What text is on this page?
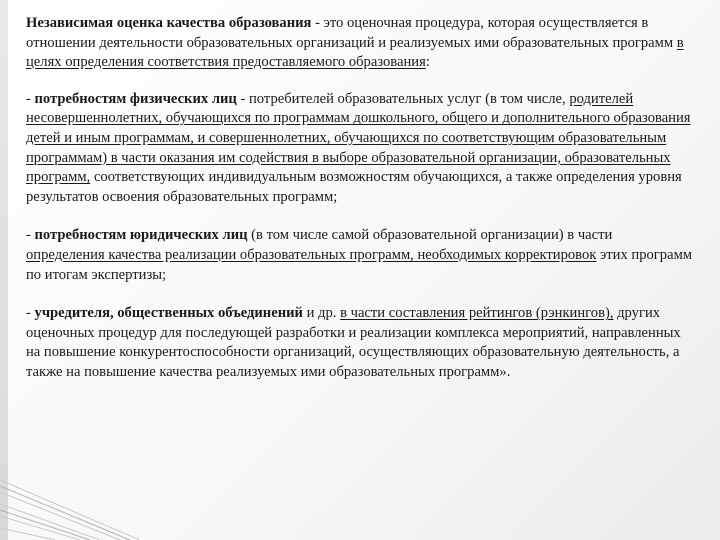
Независимая оценка качества образования - это оценочная процедура, которая осуществляется в отношении деятельности образовательных организаций и реализуемых ими образовательных программ в целях определения соответствия предоставляемого образования:

- потребностям физических лиц - потребителей образовательных услуг (в том числе, родителей несовершеннолетних, обучающихся по программам дошкольного, общего и дополнительного образования детей и иным программам, и совершеннолетних, обучающихся по соответствующим образовательным программам) в части оказания им содействия в выборе образовательной организации, образовательных программ, соответствующих индивидуальным возможностям обучающихся, а также определения уровня результатов освоения образовательных программ;

- потребностям юридических лиц (в том числе самой образовательной организации) в части определения качества реализации образовательных программ, необходимых корректировок этих программ по итогам экспертизы;

- учредителя, общественных объединений и др. в части составления рейтингов (рэнкингов), других оценочных процедур для последующей разработки и реализации комплекса мероприятий, направленных на повышение конкурентоспособности организаций, осуществляющих образовательную деятельность, а также на повышение качества реализуемых ими образовательных программ».
